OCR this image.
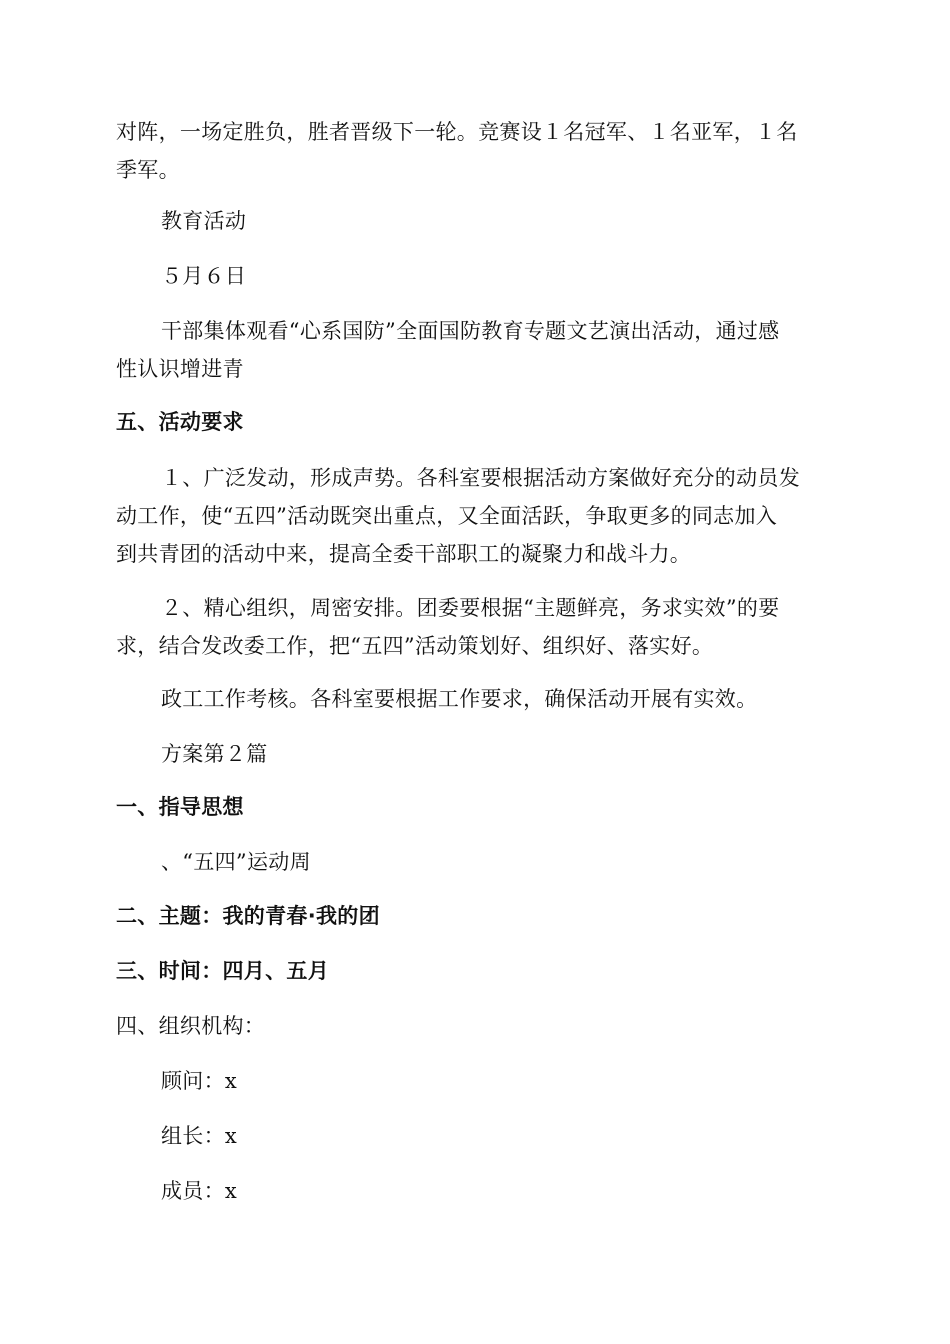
对阵，一场定胜负，胜者晋级下一轮。竞赛设１名冠军、１名亚军，１名
季军。
教育活动
５月６日
干部集体观看“心系国防”全面国防教育专题文艺演出活动，通过感
性认识增进青
五、活动要求
１、广泛发动，形成声势。各科室要根据活动方案做好充分的动员发
动工作，使“五四”活动既突出重点，又全面活跃，争取更多的同志加入
到共青团的活动中来，提高全委干部职工的凝聚力和战斗力。
２、精心组织，周密安排。团委要根据“主题鲜亮，务求实效”的要
求，结合发改委工作，把“五四”活动策划好、组织好、落实好。
政工工作考核。各科室要根据工作要求，确保活动开展有实效。
方案第２篇
一、指导思想
、“五四”运动周
二、主题：我的青春·我的团
三、时间：四月、五月
四、组织机构：
顾问：x
组长：x
成员：x
